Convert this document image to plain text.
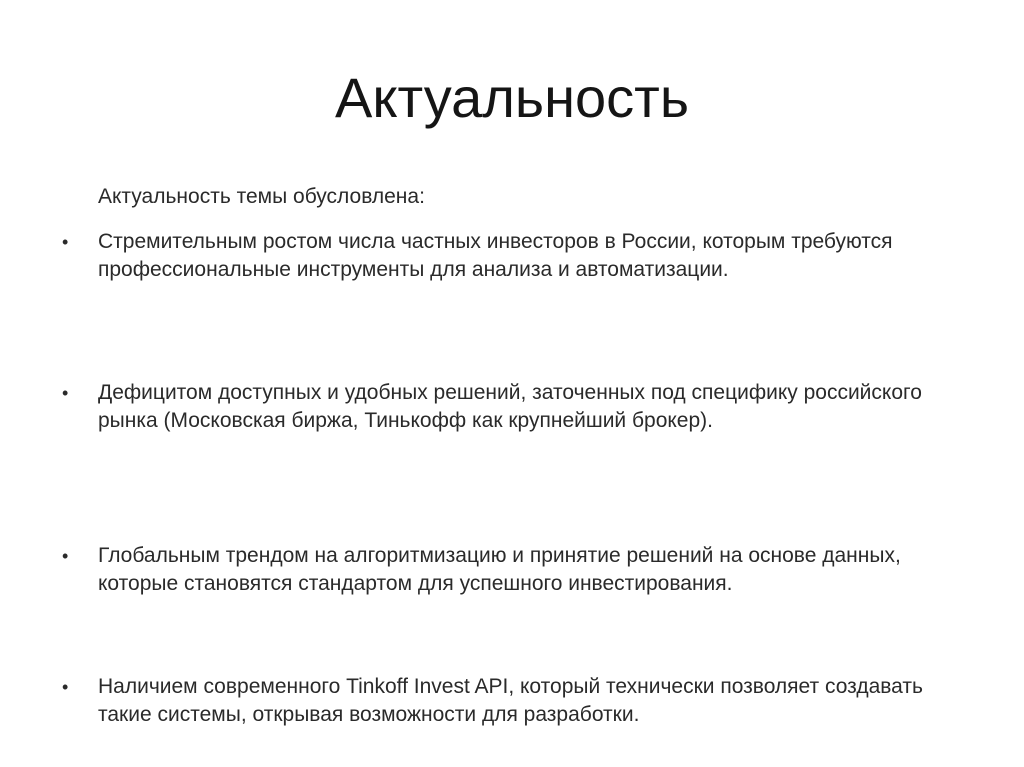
Актуальность

Актуальность темы обусловлена:

•	Стремительным ростом числа частных инвесторов в России, которым требуются профессиональные инструменты для анализа и автоматизации.
•	Дефицитом доступных и удобных решений, заточенных под специфику российского рынка (Московская биржа, Тинькофф как крупнейший брокер).
•	Глобальным трендом на алгоритмизацию и принятие решений на основе данных, которые становятся стандартом для успешного инвестирования.
•	Наличием современного Tinkoff Invest API, который технически позволяет создавать такие системы, открывая возможности для разработки.
